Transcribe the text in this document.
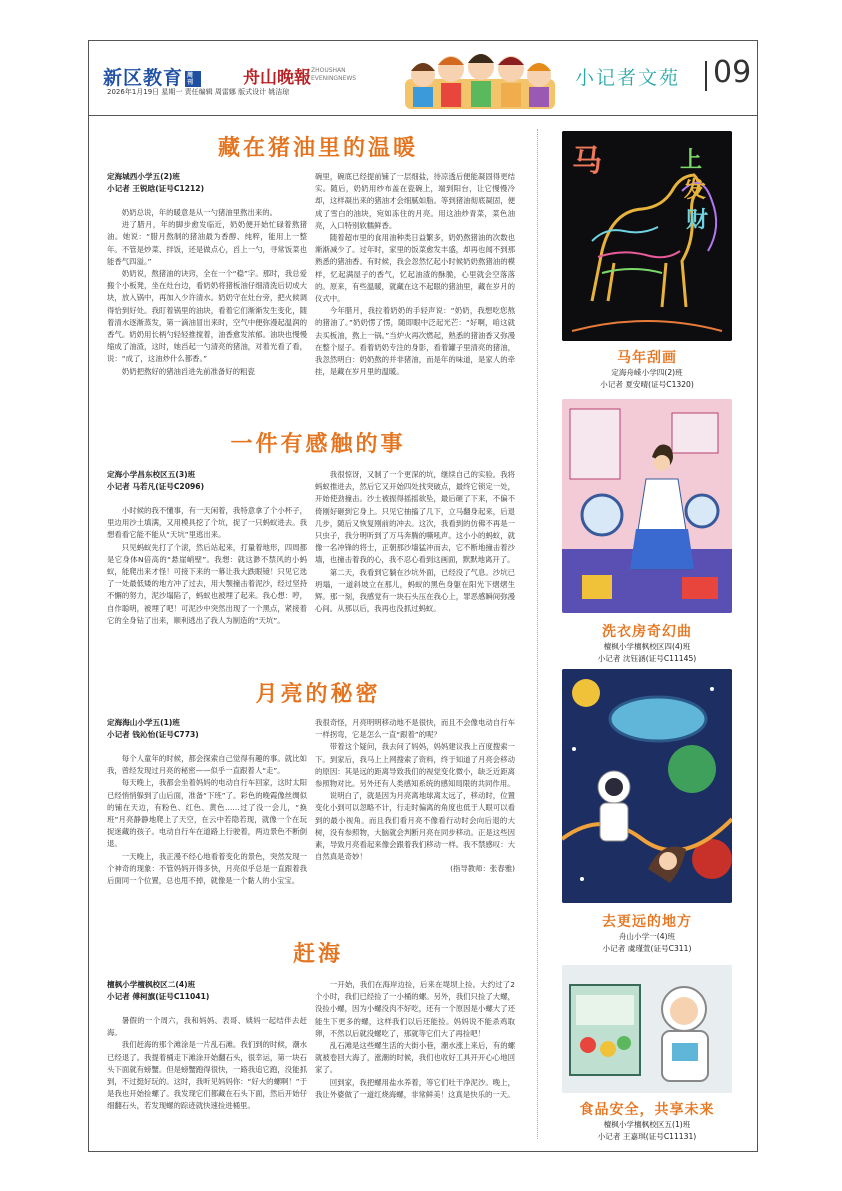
新区教育 周刊	舟山晚報 ZHOUSHAN EVENINGNEWS
2026年1月19日 星期一 责任编辑 周雷娜 版式设计 姚洁琼
小记者文苑 09
藏在猪油里的温暖
定海城西小学五(2)班
小记者 王锐晗(证号C1212)

奶奶总说，年的暖意是从一勺猪油里熬出来的。

进了腊月，年的脚步愈发临近，奶奶便开始忙碌着熬猪油。她说：“腊月熬制的猪油最为香醇、纯粹，能用上一整年。不管是炒菜、拌饭，还是做点心，舀上一勺，寻常饭菜也能香气四溢。”

奶奶说，熬猪油的诀窍，全在一个“稳”字。那时，我总爱搬个小板凳，坐在灶台边，看奶奶将猪板油仔细清洗后切成大块，放入锅中，再加入少许清水。奶奶守在灶台旁，把火候调得恰到好处。我盯着锅里的油块，看着它们渐渐发生变化，随着清水逐渐蒸发，第一滴油冒出来时，空气中便弥漫起温润的香气。奶奶用长柄勺轻轻推搅着，油香愈发浓郁。油块也慢慢缩成了油渣，这时，她舀起一勺清亮的猪油，对着光看了看，说：“成了，这油炒什么都香。”

奶奶把熬好的猪油舀进先前准备好的粗瓷

碗里，碗底已经提前铺了一层细盐，待凉透后便能凝固得更结实。随后，奶奶用纱布盖在瓷碗上，端到阳台，让它慢慢冷却，这样凝出来的猪油才会细腻如脂。等到猪油彻底凝固，便成了雪白的油块，宛如冻住的月亮。用这油炒青菜，菜色油亮，入口特别软糯鲜香。

随着超市里的食用油种类日益繁多，奶奶熬猪油的次数也渐渐减少了。过年时，家里的饭菜愈发丰盛，却再也闻不到那熟悉的猪油香。有时候，我会忽然忆起小时候奶奶熬猪油的模样，忆起满屋子的香气，忆起油渣的酥脆，心里就会空落落的。原来，有些温暖，就藏在这不起眼的猪油里，藏在岁月的仪式中。

今年腊月，我拉着奶奶的手轻声说：“奶奶，我想吃您熬的猪油了。”奶奶愣了愣，随即眼中泛起光芒：“好啊，咱这就去买板油，熬上一锅。”当炉火再次燃起，熟悉的猪油香又弥漫在整个屋子。看着奶奶专注的身影，看着罐子里清亮的猪油，我忽然明白：奶奶熬的并非猪油，而是年的味道，是家人的牵挂，是藏在岁月里的温暖。

一件有感触的事
定海小学昌东校区五(3)班
小记者 马若凡(证号C2096)

小时候的我不懂事，有一天闲着，我特意拿了个小杯子，里边用沙土填满，又用模具挖了个坑，捉了一只蚂蚁进去。我想看看它能不能从“天坑”里逃出来。

只见蚂蚁先打了个滚，然后站起来，打量着地形，四周都是它身体N倍高的“悬崖峭壁”。我想：就这渺不禁风的小蚂蚁，能爬出来才怪！可接下来的一幕让我大跌眼镜！只见它选了一处最低矮的地方冲了过去，用大颚撞击着泥沙，经过坚持不懈的努力，泥沙塌陷了，蚂蚁也被埋了起来。我心想：哼，自作聪明，被埋了吧！可泥沙中突然出现了一个黑点，紧接着它的全身钻了出来，顺利逃出了我人为制造的“天坑”。

我很惊讶，又制了一个更深的坑，继续自己的实验。我将蚂蚁推进去，然后它又开始四处找突破点，最终它锁定一处，开始使劲撞击。沙土被振得摇摇欲坠，最后砸了下来，不偏不倚刚好砸到它身上。只见它抽搐了几下，立马翻身起来，后退几步，随后又恢复刚前的冲去。这次，我看到的仿佛不再是一只虫子，我分明听到了万马奔腾的嘶吼声。这小小的蚂蚁，就像一名冲锋的将士，正朝那沙墙猛冲而去，它不断地撞击着沙墙，也撞击着我的心，我不忍心看到这画面，默默地离开了。

第二天，我看到它躺在沙坑外面，已经没了气息。沙坑已坍塌，一道斜坡立在那儿，蚂蚁的黑色身躯在阳光下熠熠生辉。那一刻，我感觉有一块石头压在我心上，罪恶感瞬间弥漫心间。从那以后，我再也没抓过蚂蚁。

月亮的秘密
定海海山小学五(1)班
小记者 钱沁怡(证号C773)

每个人童年的时候，都会探索自己觉得有趣的事。就比如我，曾经发现过月亮的秘密——似乎一直跟着人“走”。

每天晚上，我都会坐着妈妈的电动自行车回家，这时太阳已经悄悄躲到了山后面，准备“下班”了。彩色的晚霞像丝绸似的铺在天边，有粉色、红色、黄色……过了没一会儿，“换班”月亮静静地爬上了天空，在云中若隐若现，就像一个在玩捉迷藏的孩子。电动自行车在道路上行驶着，两边景色不断倒退。

一天晚上，我正漫不经心地看着变化的景色，突然发现一个神奇的现象：不管妈妈开得多快，月亮似乎总是一直跟着我后面同一个位置，总也甩不掉，就像是一个黏人的小宝宝。

我很奇怪，月亮明明移动地不是很快，而且不会像电动自行车一样拐弯，它是怎么一直“跟着”的呢？

带着这个疑问，我去问了妈妈，妈妈建议我上百度搜索一下。到家后，我马上上网搜索了资料，终于知道了月亮会移动的原因：其是远的距离导致我们的视觉变化微小，缺乏近距离参照物对比。另外还有人类感知系统的感知局限的共同作用。

说明白了，就是因为月亮离地球离太远了，移动时，位置变化小到可以忽略不计，行走时偏离的角度也低于人眼可以看到的最小视角。而且我们看月亮不像看行动时会向后退的大树，没有参照物，大脑就会判断月亮在同步移动。正是这些因素，导致月亮看起来像会跟着我们移动一样。我不禁感叹：大自然真是奇妙！

(指导教师：张春雅)

赶海
檀枫小学檀枫校区二(4)班
小记者 傅柯旗(证号C11041)

暑假的一个周六，我和妈妈、表哥、姨妈一起结伴去赶海。

我们赶海的那个滩涂是一片乱石滩。我们到的时候，潮水已经退了。我提着桶走下滩涂开始翻石头，很幸运，第一块石头下面就有螃蟹。但是螃蟹跑得很快，一路我追它跑，没能抓到，不过挺好玩的。这时，我听见妈妈你：“好大的螺啊！”于是我也开始捡螺了。我发现它们都藏在石头下面，然后开始仔细翻石头，若发现螺的踪迹就快速捡进桶里。

一开始，我们在海岸边捡，后来在堤坝上捡。大约过了2个小时，我们已经捡了一小桶的螺。另外，我们只捡了大螺，没捡小螺，因为小螺没肉不好吃，还有一个原因是小螺大了还能生下更多的螺，这样我们以后还能捡。妈妈说不能杀鸡取卵，不然以后就没螺吃了，那就等它们大了再捡吧！

乱石滩是这些螺生活的大街小巷，潮水涨上来后，有的螺就被卷回大海了，涨潮的时候，我们也收好工具开开心心地回家了。

回到家，我把螺用盐水养着，等它们吐干净泥沙。晚上，我让外婆做了一道红烧海螺，非常鲜美！这真是快乐的一天。

马	上
发
财
马年刮画
定海舟嵘小学四(2)班
小记者 夏安晴(证号C1320)
洗衣房奇幻曲
檀枫小学檀枫校区四(4)班
小记者 沈钰涵(证号C11145)
去更远的地方
舟山小学一(4)班
小记者 虞瑾萱(证号C311)
食品安全，共享未来
檀枫小学檀枫校区五(1)班
小记者 王嘉琪(证号C11131)
